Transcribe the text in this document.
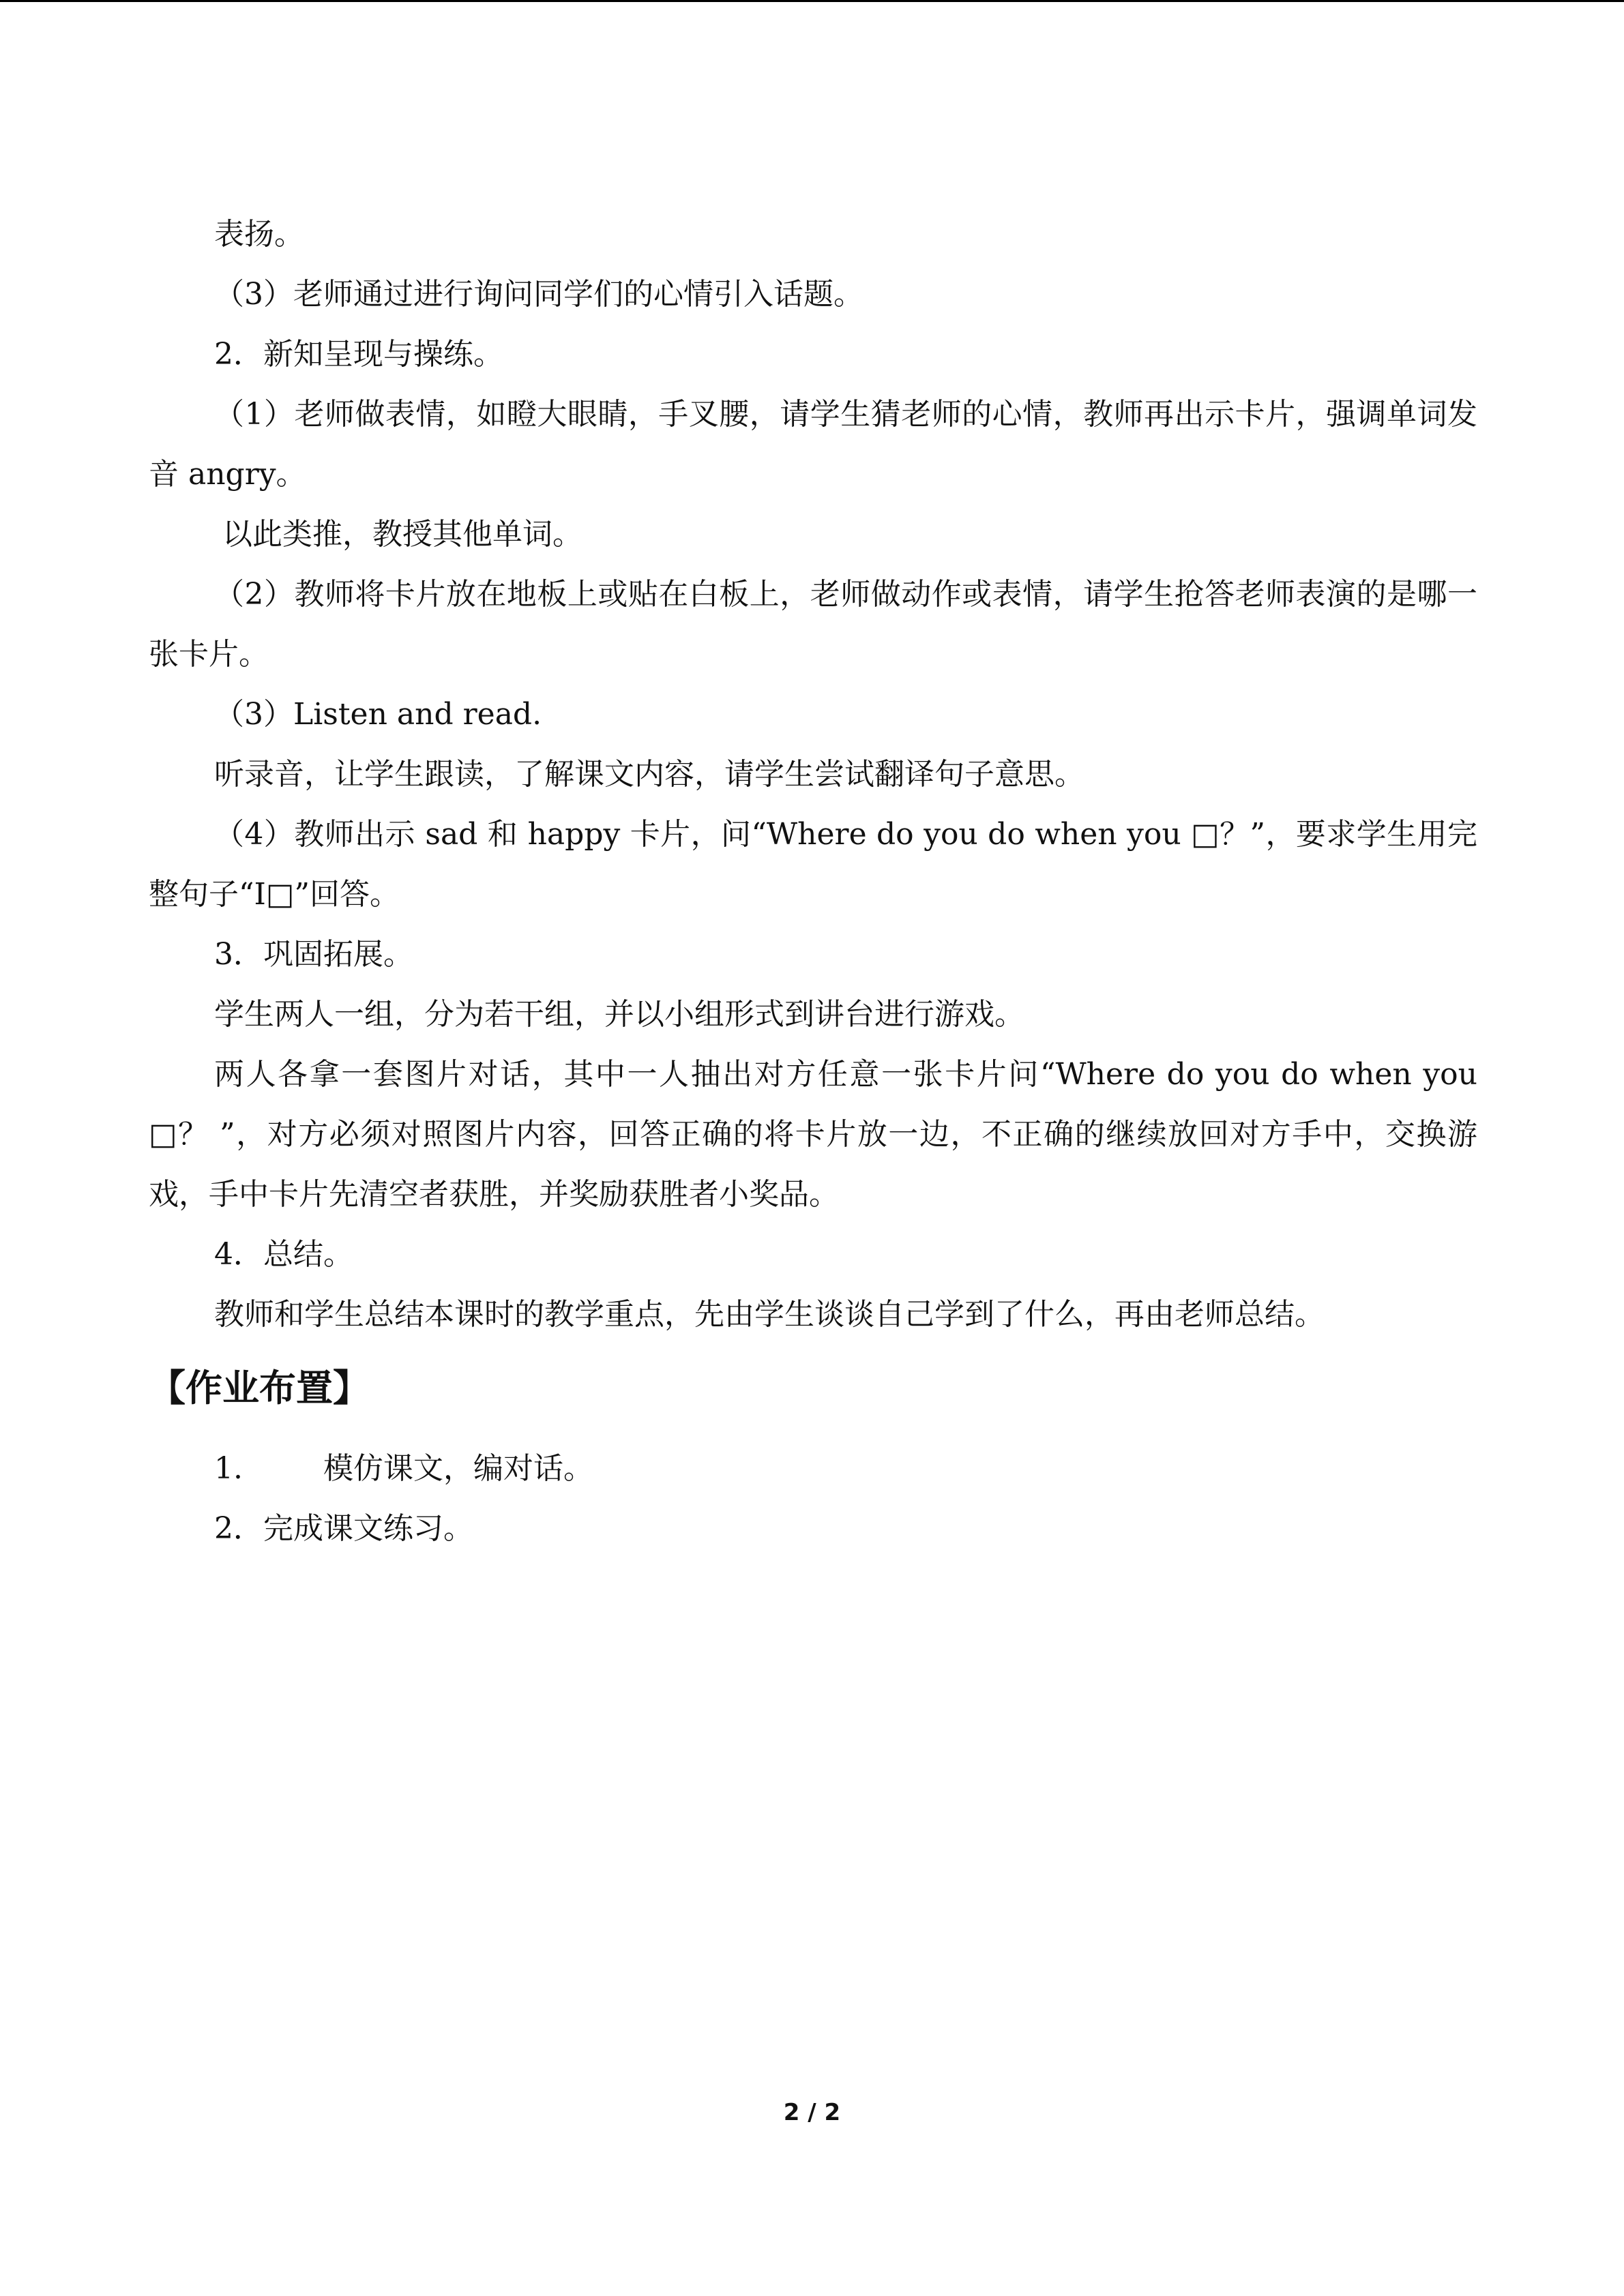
表扬。

（3）老师通过进行询问同学们的心情引入话题。

2．新知呈现与操练。

（1）老师做表情，如瞪大眼睛，手叉腰，请学生猜老师的心情，教师再出示卡片，强调单词发音 angry。

以此类推，教授其他单词。

（2）教师将卡片放在地板上或贴在白板上，老师做动作或表情，请学生抢答老师表演的是哪一张卡片。

（3）Listen and read.

听录音，让学生跟读，了解课文内容，请学生尝试翻译句子意思。

（4）教师出示 sad 和 happy 卡片，问“Where do you do when you □？”，要求学生用完整句子“I□”回答。

3．巩固拓展。

学生两人一组，分为若干组，并以小组形式到讲台进行游戏。

两人各拿一套图片对话，其中一人抽出对方任意一张卡片问“Where do you do when you □？ ”，对方必须对照图片内容，回答正确的将卡片放一边，不正确的继续放回对方手中，交换游戏，手中卡片先清空者获胜，并奖励获胜者小奖品。

4．总结。

教师和学生总结本课时的教学重点，先由学生谈谈自己学到了什么，再由老师总结。

【作业布置】

1.	模仿课文，编对话。

2．完成课文练习。

2 / 2
